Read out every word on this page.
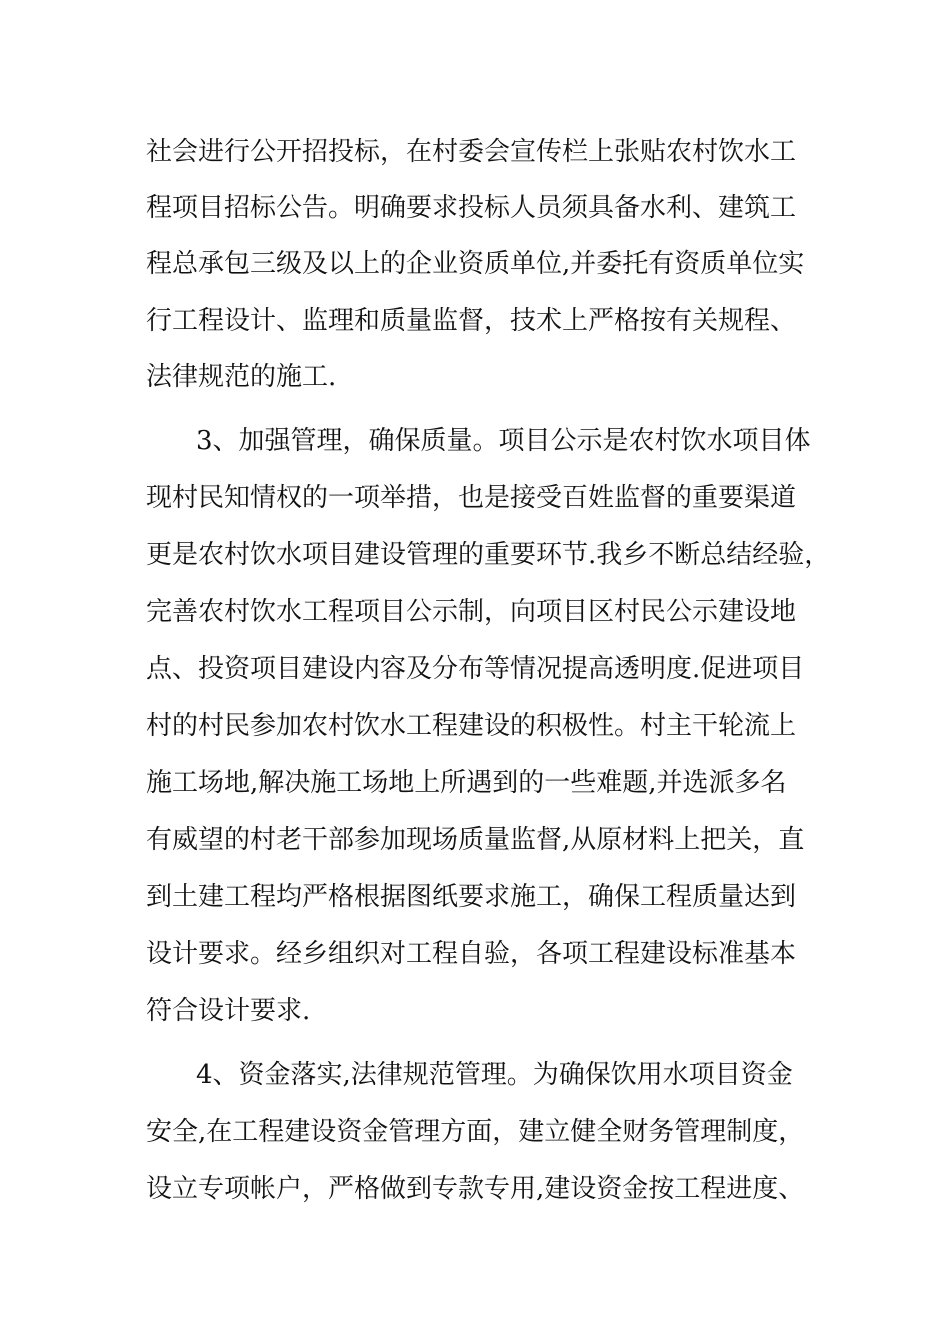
社会进行公开招投标，在村委会宣传栏上张贴农村饮水工
程项目招标公告。明确要求投标人员须具备水利、建筑工
程总承包三级及以上的企业资质单位,并委托有资质单位实
行工程设计、监理和质量监督，技术上严格按有关规程、
法律规范的施工.
3、加强管理，确保质量。项目公示是农村饮水项目体
现村民知情权的一项举措，也是接受百姓监督的重要渠道
更是农村饮水项目建设管理的重要环节.我乡不断总结经验，
完善农村饮水工程项目公示制，向项目区村民公示建设地
点、投资项目建设内容及分布等情况提高透明度.促进项目
村的村民参加农村饮水工程建设的积极性。村主干轮流上
施工场地,解决施工场地上所遇到的一些难题,并选派多名
有威望的村老干部参加现场质量监督,从原材料上把关，直
到土建工程均严格根据图纸要求施工，确保工程质量达到
设计要求。经乡组织对工程自验，各项工程建设标准基本
符合设计要求.
4、资金落实,法律规范管理。为确保饮用水项目资金
安全,在工程建设资金管理方面，建立健全财务管理制度，
设立专项帐户，严格做到专款专用,建设资金按工程进度、
